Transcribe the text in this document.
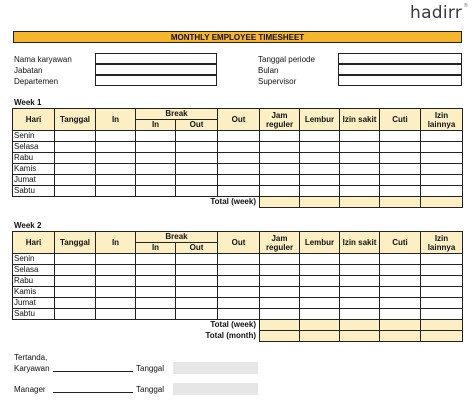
hadirr®
MONTHLY EMPLOYEE TIMESHEET
Nama karyawan
Jabatan
Departemen
Tanggal periode
Bulan
Supervisor
Week 1
Hari	Tanggal	In	Break		Out	Jam reguler	Lembur	Izin sakit	Cuti	Izin lainnya
			In	Out						
Senin										
Selasa										
Rabu										
Kamis										
Jumat										
Sabtu										
Total (week)										
Week 2
Hari	Tanggal	In	Break		Out	Jam reguler	Lembur	Izin sakit	Cuti	Izin lainnya
			In	Out						
Senin										
Selasa										
Rabu										
Kamis										
Jumat										
Sabtu										
Total (week)										
Total (month)										
Tertanda,
Karyawan	Tanggal
Manager	Tanggal
